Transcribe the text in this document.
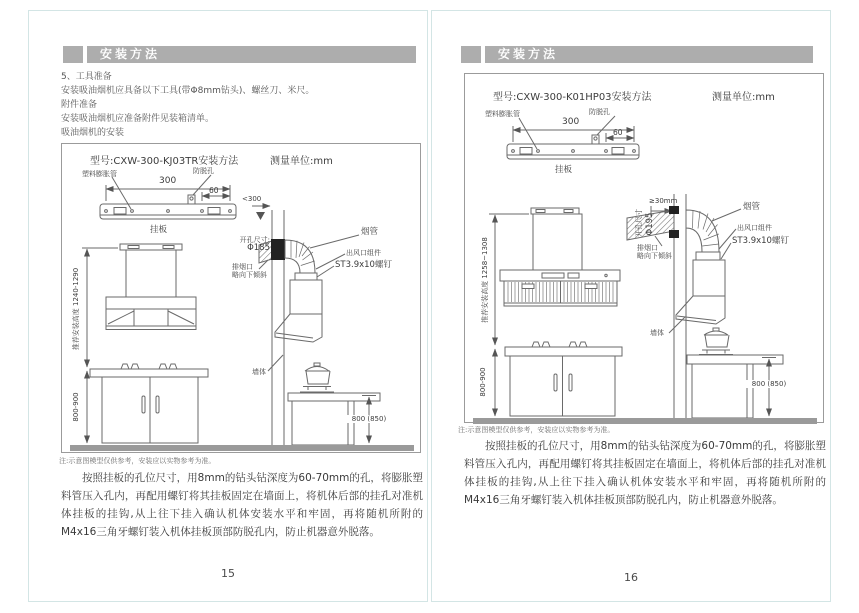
安装方法
5、工具准备
安装吸油烟机应具备以下工具(带Φ8mm钻头)、螺丝刀、米尺。
附件准备
安装吸油烟机应准备附件见装箱清单。
吸油烟机的安装
型号:CXW-300-KJ03TR安装方法	测量单位:mm
塑料膨胀管	防脱孔
300
60
挂板
推荐安装高度 1240-1290
800-900
<300
开孔尺寸:
Φ185
排烟口
略向下倾斜
烟管
出风口组件
ST3.9x10螺钉
墙体
800 (850)
注:示意图模型仅供参考，安装应以实物参考为准。

按照挂板的孔位尺寸，用8mm的钻头钻深度为60-70mm的孔，将膨胀塑料管压入孔内，再配用螺钉将其挂板固定在墙面上，将机体后部的挂孔对准机体挂板的挂钩,从上往下挂入确认机体安装水平和牢固，再将随机所附的M4x16三角牙螺钉装入机体挂板顶部防脱孔内，防止机器意外脱落。

15
安装方法
型号:CXW-300-K01HP03安装方法	测量单位:mm
塑料膨胀管	防脱孔
300
60
挂板
推荐安装高度 1258~1308
800-900
≥30mm
开孔尺寸 Φ195
排烟口
略向下倾斜
烟管
出风口组件
ST3.9x10螺钉
墙体
800 (850)
注:示意图模型仅供参考，安装应以实物参考为准。

按照挂板的孔位尺寸，用8mm的钻头钻深度为60-70mm的孔，将膨胀塑料管压入孔内，再配用螺钉将其挂板固定在墙面上，将机体后部的挂孔对准机体挂板的挂钩,从上往下挂入确认机体安装水平和牢固，再将随机所附的M4x16三角牙螺钉装入机体挂板顶部防脱孔内，防止机器意外脱落。

16
